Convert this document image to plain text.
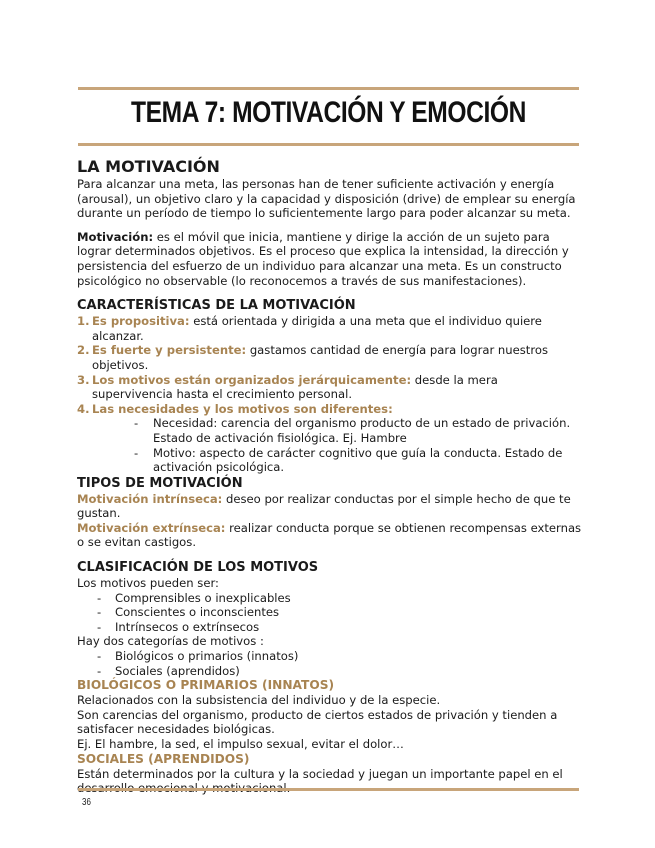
TEMA 7: MOTIVACIÓN Y EMOCIÓN
LA MOTIVACIÓN

Para alcanzar una meta, las personas han de tener suficiente activación y energía (arousal), un objetivo claro y la capacidad y disposición (drive) de emplear su energía durante un período de tiempo lo suficientemente largo para poder alcanzar su meta.

Motivación: es el móvil que inicia, mantiene y dirige la acción de un sujeto para lograr determinados objetivos. Es el proceso que explica la intensidad, la dirección y persistencia del esfuerzo de un individuo para alcanzar una meta. Es un constructo psicológico no observable (lo reconocemos a través de sus manifestaciones).

CARACTERÍSTICAS DE LA MOTIVACIÓN
1. Es propositiva: está orientada y dirigida a una meta que el individuo quiere alcanzar.
2. Es fuerte y persistente: gastamos cantidad de energía para lograr nuestros objetivos.
3. Los motivos están organizados jerárquicamente: desde la mera supervivencia hasta el crecimiento personal.
4. Las necesidades y los motivos son diferentes:
- Necesidad: carencia del organismo producto de un estado de privación. Estado de activación fisiológica. Ej. Hambre
- Motivo: aspecto de carácter cognitivo que guía la conducta. Estado de activación psicológica.
TIPOS DE MOTIVACIÓN

Motivación intrínseca: deseo por realizar conductas por el simple hecho de que te gustan.

Motivación extrínseca: realizar conducta porque se obtienen recompensas externas o se evitan castigos.

CLASIFICACIÓN DE LOS MOTIVOS

Los motivos pueden ser:

- Comprensibles o inexplicables
- Conscientes o inconscientes
- Intrínsecos o extrínsecos

Hay dos categorías de motivos :

- Biológicos o primarios (innatos)
- Sociales (aprendidos)
BIOLÓGICOS O PRIMARIOS (INNATOS)

Relacionados con la subsistencia del individuo y de la especie.

Son carencias del organismo, producto de ciertos estados de privación y tienden a satisfacer necesidades biológicas.

Ej. El hambre, la sed, el impulso sexual, evitar el dolor…

SOCIALES (APRENDIDOS)

Están determinados por la cultura y la sociedad y juegan un importante papel en el

36
